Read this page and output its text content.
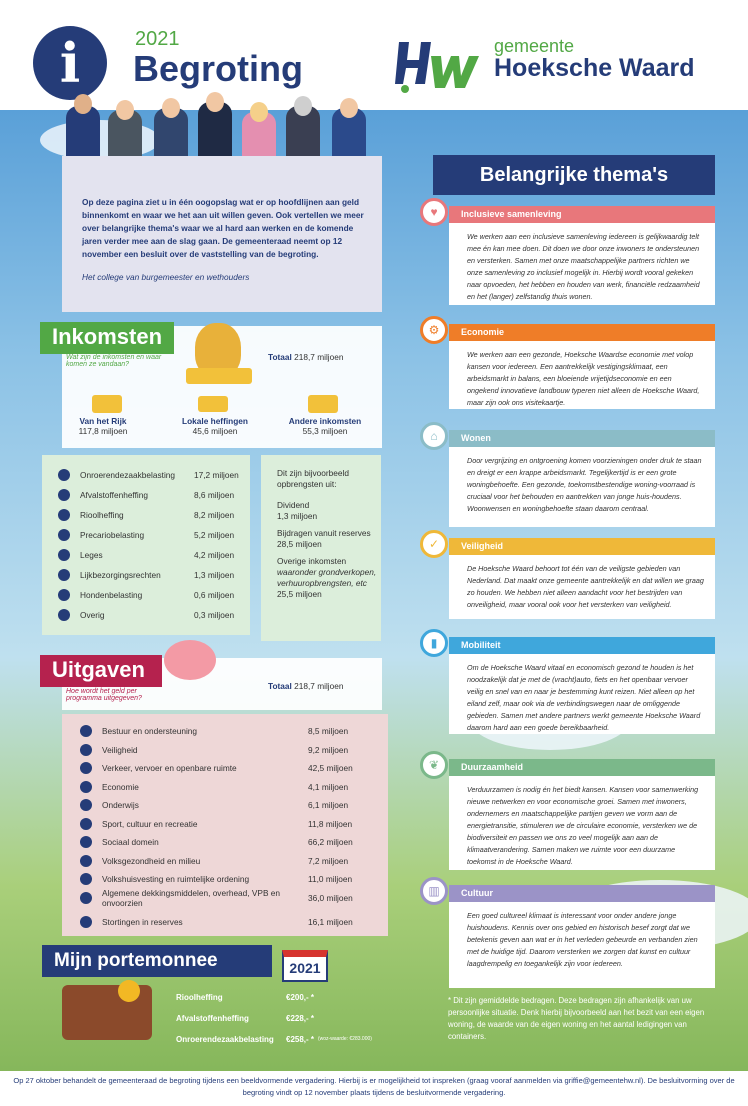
i	2021
Begroting
gemeente
Hoeksche Waard
Op deze pagina ziet u in één oogopslag wat er op hoofdlijnen aan geld binnenkomt en waar we het aan uit willen geven. Ook vertellen we meer over belangrijke thema's waar we al hard aan werken en de komende jaren verder mee aan de slag gaan. De gemeenteraad neemt op 12 november een besluit over de vaststelling van de begroting.
Het college van burgemeester en wethouders
Inkomsten
Wat zijn de inkomsten en waar komen ze vandaan?
Totaal 218,7 miljoen
Van het Rijk
117,8 miljoen
Lokale heffingen
45,6 miljoen
Andere inkomsten
55,3 miljoen
Onroerendezaakbelasting 17,2 miljoen
Afvalstoffenheffing	8,6 miljoen
Rioolheffing	8,2 miljoen
Precariobelasting	5,2 miljoen
Leges	4,2 miljoen
Lijkbezorgingsrechten	1,3 miljoen
Hondenbelasting	0,6 miljoen
Overig	0,3 miljoen
Dit zijn bijvoorbeeld opbrengsten uit:
Dividend
1,3 miljoen
Bijdragen vanuit reserves
28,5 miljoen
Overige inkomsten
waaronder grondverkopen, verhuuropbrengsten, etc
25,5 miljoen
Uitgaven
Hoe wordt het geld per programma uitgegeven?
Totaal 218,7 miljoen
Bestuur en ondersteuning	8,5 miljoen
Veiligheid	9,2 miljoen
Verkeer, vervoer en openbare ruimte	42,5 miljoen
Economie	4,1 miljoen
Onderwijs	6,1 miljoen
Sport, cultuur en recreatie	11,8 miljoen
Sociaal domein	66,2 miljoen
Volksgezondheid en milieu	7,2 miljoen
Volkshuisvesting en ruimtelijke ordening	11,0 miljoen
Algemene dekkingsmiddelen, overhead, VPB en onvoorzien	36,0 miljoen
Stortingen in reserves	16,1 miljoen
Mijn portemonnee	2021
Rioolheffing	€200,- *
Afvalstoffenheffing	€228,- *
Onroerendezaakbelasting €258,- * (woz-waarde: €283.000)
* Dit zijn gemiddelde bedragen. Deze bedragen zijn afhankelijk van uw persoonlijke situatie. Denk hierbij bijvoorbeeld aan het bezit van een eigen woning, de waarde van de eigen woning en het aantal ledigingen van containers.
Belangrijke thema's
Inclusieve samenleving
We werken aan een inclusieve samenleving iedereen is gelijkwaardig telt mee én kan mee doen. Dit doen we door onze inwoners te ondersteunen en versterken. Samen met onze maatschappelijke partners richten we onze samenleving zo inclusief mogelijk in. Hierbij wordt vooral gekeken naar opvoeden, het hebben en houden van werk, financiële redzaamheid en het (langer) zelfstandig thuis wonen.
♥
Economie
We werken aan een gezonde, Hoeksche Waardse economie met volop kansen voor iedereen. Een aantrekkelijk vestigingsklimaat, een arbeidsmarkt in balans, een bloeiende vrijetijdseconomie en een ongekend innovatieve landbouw typeren niet alleen de Hoeksche Waard, maar zijn ook ons visitekaartje.
⚙
Wonen
Door vergrijzing en ontgroening komen voorzieningen onder druk te staan en dreigt er een krappe arbeidsmarkt. Tegelijkertijd is er een grote woningbehoefte. Een gezonde, toekomstbestendige woning-voorraad is cruciaal voor het behouden en aantrekken van jonge huis-houdens. Woonwensen en woningbehoefte staan daarom centraal.
⌂
Veiligheid
De Hoeksche Waard behoort tot één van de veiligste gebieden van Nederland. Dat maakt onze gemeente aantrekkelijk en dat willen we graag zo houden. We hebben niet alleen aandacht voor het bestrijden van onveiligheid, maar vooral ook voor het versterken van veiligheid.
✓
Mobiliteit
Om de Hoeksche Waard vitaal en economisch gezond te houden is het noodzakelijk dat je met de (vracht)auto, fiets en het openbaar vervoer veilig en snel van en naar je bestemming kunt reizen. Niet alleen op het eiland zelf, maar ook via de verbindingswegen naar de omliggende gebieden. Samen met andere partners werkt gemeente Hoeksche Waard daarom hard aan een goede bereikbaarheid.
▮
Duurzaamheid
Verduurzamen is nodig én het biedt kansen. Kansen voor samenwerking nieuwe netwerken en voor economische groei. Samen met inwoners, ondernemers en maatschappelijke partijen geven we vorm aan de energietransitie, stimuleren we de circulaire economie, versterken we de biodiversiteit en passen we ons zo veel mogelijk aan aan de klimaatverandering. Samen maken we ruimte voor een duurzame toekomst in de Hoeksche Waard.
❦
Cultuur
Een goed cultureel klimaat is interessant voor onder andere jonge huishoudens. Kennis over ons gebied en historisch besef zorgt dat we betekenis geven aan wat er in het verleden gebeurde en verbanden zien met de huidige tijd. Daarom versterken we zorgen dat kunst en cultuur laagdrempelig en toegankelijk zijn voor iedereen.
▥
Op 27 oktober behandelt de gemeenteraad de begroting tijdens een beeldvormende vergadering. Hierbij is er mogelijkheid tot inspreken (graag vooraf aanmelden via griffie@gemeentehw.nl). De besluitvorming over de begroting vindt op 12 november plaats tijdens de besluitvormende vergadering.
